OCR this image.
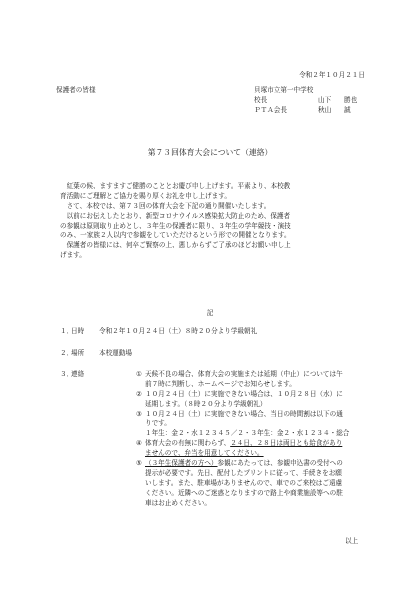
令和２年１０月２１日
保護者の皆様	貝塚市立第一中学校
校長	山下	勝也
ＰＴＡ会長	秋山	誠
第７３回体育大会について（連絡）

紅葉の候、ますますご健勝のこととお慶び申し上げます。平素より、本校教
育活動にご理解とご協力を賜り厚くお礼を申し上げます。

さて、本校では、第７３回の体育大会を下記の通り開催いたします。

以前にお伝えしたとおり、新型コロナウイルス感染拡大防止のため、保護者
の参観は原則取り止めとし、３年生の保護者に限り、３年生の学年競技・演技
のみ、一家族２人以内で参観をしていただけるという形での開催となります。

保護者の皆様には、何卒ご賢察の上、悪しからずご了承のほどお願い申し上
げます。

記
１．日時 令和２年１０月２４日（土）８時２０分より学級朝礼
２．場所 本校運動場
３．連絡	① 天候不良の場合、体育大会の実施または延期（中止）については午
前７時に判断し、ホームページでお知らせします。
② １０月２４日（土）に実施できない場合は、１０月２８日（水）に
延期します。（８時２０分より学級朝礼）
③ １０月２４日（土）に実施できない場合、当日の時間割は以下の通
りです。
１年生：金２・水１２３４５／２・３年生：金２・水１２３４・総合
④ 体育大会の有無に関わらず、２４日、２８日は両日とも給食があり
ませんので、弁当を用意してください。
⑤ （３年生保護者の方へ）参観にあたっては、参観申込書の受付への
提示が必要です。先日、配付したプリントに従って、手続きをお願
いします。また、駐車場がありませんので、車でのご来校はご遠慮
ください。近隣へのご迷惑となりますので路上や商業施設等への駐
車はお止めください。
以上
